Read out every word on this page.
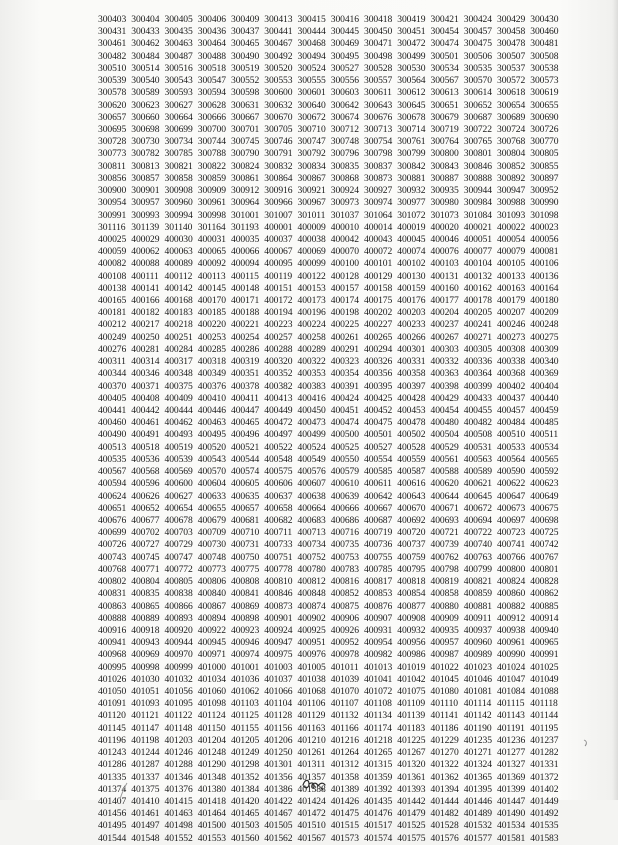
300403 300404 300405 300406 300409 300413 300415 300416 300418 300419 300421 300424 300429 300430
300431 300433 300435 300436 300437 300441 300444 300445 300450 300451 300454 300457 300458 300460
300461 300462 300463 300464 300465 300467 300468 300469 300471 300472 300474 300475 300478 300481
300482 300484 300487 300488 300490 300492 300494 300495 300498 300499 300501 300506 300507 300508
300510 300514 300516 300518 300519 300520 300524 300527 300528 300530 300534 300535 300537 300538
300539 300540 300543 300547 300552 300553 300555 300556 300557 300564 300567 300570 300572 300573
300578 300589 300593 300594 300598 300600 300601 300603 300611 300612 300613 300614 300618 300619
300620 300623 300627 300628 300631 300632 300640 300642 300643 300645 300651 300652 300654 300655
300657 300660 300664 300666 300667 300670 300672 300674 300676 300678 300679 300687 300689 300690
300695 300698 300699 300700 300701 300705 300710 300712 300713 300714 300719 300722 300724 300726
300728 300730 300734 300744 300745 300746 300747 300748 300754 300761 300764 300765 300768 300770
300773 300782 300785 300788 300790 300791 300792 300796 300798 300799 300800 300801 300804 300805
300811 300813 300821 300822 300824 300832 300834 300835 300837 300842 300843 300846 300852 300855
300856 300857 300858 300859 300861 300864 300867 300868 300873 300881 300887 300888 300892 300897
300900 300901 300908 300909 300912 300916 300921 300924 300927 300932 300935 300944 300947 300952
300954 300957 300960 300961 300964 300966 300967 300973 300974 300977 300980 300984 300988 300990
300991 300993 300994 300998 301001 301007 301011 301037 301064 301072 301073 301084 301093 301098
301116 301139 301140 301164 301193 400001 400009 400010 400014 400019 400020 400021 400022 400023
400025 400029 400030 400031 400035 400037 400038 400042 400043 400045 400046 400051 400054 400056
400059 400062 400063 400065 400066 400067 400069 400070 400072 400074 400076 400077 400079 400081
400082 400088 400089 400092 400094 400095 400099 400100 400101 400102 400103 400104 400105 400106
400108 400111 400112 400113 400115 400119 400122 400128 400129 400130 400131 400132 400133 400136
400138 400141 400142 400145 400148 400151 400153 400157 400158 400159 400160 400162 400163 400164
400165 400166 400168 400170 400171 400172 400173 400174 400175 400176 400177 400178 400179 400180
400181 400182 400183 400185 400188 400194 400196 400198 400202 400203 400204 400205 400207 400209
400212 400217 400218 400220 400221 400223 400224 400225 400227 400233 400237 400241 400246 400248
400249 400250 400251 400253 400254 400257 400258 400261 400265 400266 400267 400271 400273 400275
400276 400281 400284 400285 400286 400288 400289 400291 400294 400301 400303 400305 400308 400309
400311 400314 400317 400318 400319 400320 400322 400323 400326 400331 400332 400336 400338 400340
400344 400346 400348 400349 400351 400352 400353 400354 400356 400358 400363 400364 400368 400369
400370 400371 400375 400376 400378 400382 400383 400391 400395 400397 400398 400399 400402 400404
400405 400408 400409 400410 400411 400413 400416 400424 400425 400428 400429 400433 400437 400440
400441 400442 400444 400446 400447 400449 400450 400451 400452 400453 400454 400455 400457 400459
400460 400461 400462 400463 400465 400472 400473 400474 400475 400478 400480 400482 400484 400485
400490 400491 400493 400495 400496 400497 400499 400500 400501 400502 400504 400508 400510 400511
400513 400518 400519 400520 400521 400522 400524 400525 400527 400528 400529 400531 400533 400534
400535 400536 400539 400543 400544 400548 400549 400550 400554 400559 400561 400563 400564 400565
400567 400568 400569 400570 400574 400575 400576 400579 400585 400587 400588 400589 400590 400592
400594 400596 400600 400604 400605 400606 400607 400610 400611 400616 400620 400621 400622 400623
400624 400626 400627 400633 400635 400637 400638 400639 400642 400643 400644 400645 400647 400649
400651 400652 400654 400655 400657 400658 400664 400666 400667 400670 400671 400672 400673 400675
400676 400677 400678 400679 400681 400682 400683 400686 400687 400692 400693 400694 400697 400698
400699 400702 400703 400709 400710 400711 400713 400716 400719 400720 400721 400722 400723 400725
400726 400727 400729 400730 400731 400733 400734 400735 400736 400737 400739 400740 400741 400742
400743 400745 400747 400748 400750 400751 400752 400753 400755 400759 400762 400763 400766 400767
400768 400771 400772 400773 400775 400778 400780 400783 400785 400795 400798 400799 400800 400801
400802 400804 400805 400806 400808 400810 400812 400816 400817 400818 400819 400821 400824 400828
400831 400835 400838 400840 400841 400846 400848 400852 400853 400854 400858 400859 400860 400862
400863 400865 400866 400867 400869 400873 400874 400875 400876 400877 400880 400881 400882 400885
400888 400889 400893 400894 400898 400901 400902 400906 400907 400908 400909 400911 400912 400914
400916 400918 400920 400922 400923 400924 400925 400926 400931 400932 400935 400937 400938 400940
400941 400943 400944 400945 400946 400947 400951 400952 400954 400956 400957 400960 400961 400965
400968 400969 400970 400971 400974 400975 400976 400978 400982 400986 400987 400989 400990 400991
400995 400998 400999 401000 401001 401003 401005 401011 401013 401019 401022 401023 401024 401025
401026 401030 401032 401034 401036 401037 401038 401039 401041 401042 401045 401046 401047 401049
401050 401051 401056 401060 401062 401066 401068 401070 401072 401075 401080 401081 401084 401088
401091 401093 401095 401098 401103 401104 401106 401107 401108 401109 401110 401114 401115 401118
401120 401121 401122 401124 401125 401128 401129 401132 401134 401139 401141 401142 401143 401144
401145 401147 401148 401150 401155 401156 401163 401166 401174 401183 401186 401190 401191 401195
401196 401198 401203 401204 401205 401206 401210 401216 401218 401225 401229 401235 401236 401237
401243 401244 401246 401248 401249 401250 401261 401264 401265 401267 401270 401271 401277 401282
401286 401287 401288 401290 401298 401301 401311 401312 401315 401320 401322 401324 401327 401331
401335 401337 401346 401348 401352 401356 401357 401358 401359 401361 401362 401365 401369 401372
401374 401375 401376 401380 401384 401386 401388 401389 401392 401393 401394 401395 401399 401402
401407 401410 401415 401418 401420 401422 401424 401426 401435 401442 401444 401446 401447 401449
401456 401461 401463 401464 401465 401467 401472 401475 401476 401479 401482 401489 401490 401492
401495 401497 401498 401500 401503 401505 401510 401515 401517 401525 401528 401532 401534 401535
401544 401548 401552 401553 401560 401562 401567 401573 401574 401575 401576 401577 401581 401583
